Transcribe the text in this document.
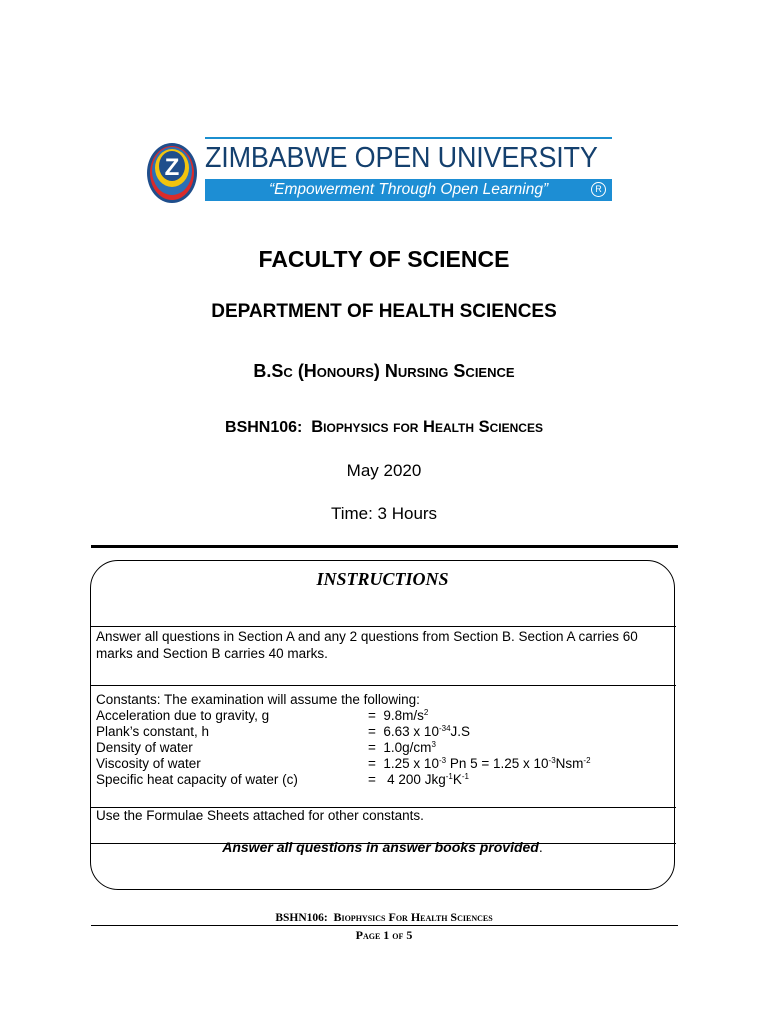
Z ZIMBABWE OPEN UNIVERSITY
“Empowerment Through Open Learning”	R
FACULTY OF SCIENCE
DEPARTMENT OF HEALTH SCIENCES
B.Sc (Honours) Nursing Science
BSHN106: Biophysics for Health Sciences
May 2020
Time: 3 Hours
INSTRUCTIONS
Answer all questions in Section A and any 2 questions from Section B. Section A carries 60 marks and Section B carries 40 marks.
Constants: The examination will assume the following:
Acceleration due to gravity, g	= $9.8m/s^2$
Plank’s constant, h	= 6.63 x $10^{-34}J.S$
Density of water	= $1.0g/cm^3$
Viscosity of water	= 1.25 x $10^{-3}$ Pn 5 = 1.25 x $10^{-3}Nsm^{-2}$
Specific heat capacity of water (c)	=   4 200 $Jkg^{-1}K^{-1}$
Use the Formulae Sheets attached for other constants.
Answer all questions in answer books provided.
BSHN106: Biophysics For Health Sciences
Page 1 of 5
